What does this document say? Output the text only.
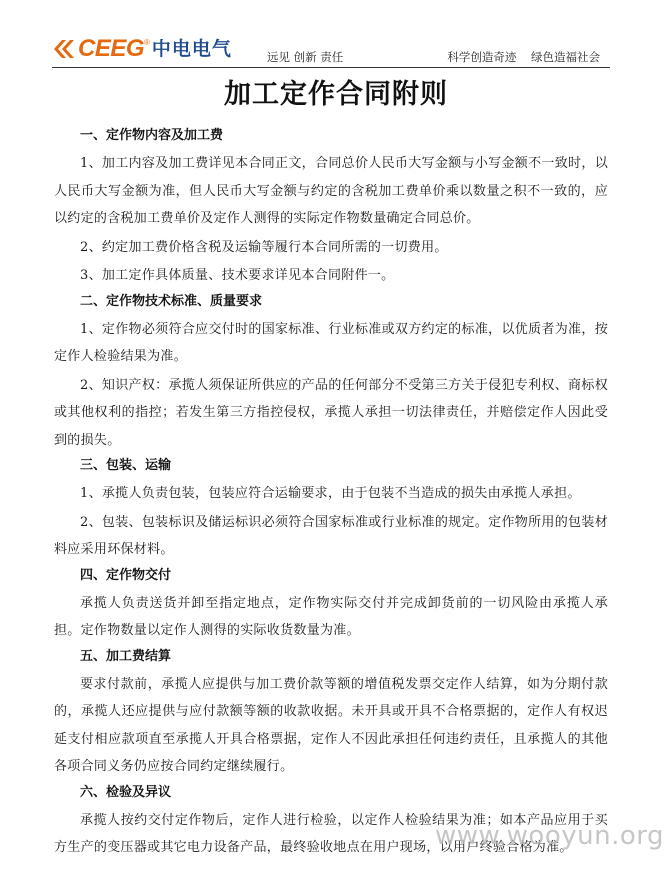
CEEG ® 中电电气	远见 创新 责任	科学创造奇迹    绿色造福社会
加工定作合同附则
一、定作物内容及加工费

1、加工内容及加工费详见本合同正文，合同总价人民币大写金额与小写金额不一致时，以人民币大写金额为准，但人民币大写金额与约定的含税加工费单价乘以数量之积不一致的，应以约定的含税加工费单价及定作人测得的实际定作物数量确定合同总价。

2、约定加工费价格含税及运输等履行本合同所需的一切费用。

3、加工定作具体质量、技术要求详见本合同附件一。

二、定作物技术标准、质量要求

1、定作物必须符合应交付时的国家标准、行业标准或双方约定的标准，以优质者为准，按定作人检验结果为准。

2、知识产权：承揽人须保证所供应的产品的任何部分不受第三方关于侵犯专利权、商标权或其他权利的指控；若发生第三方指控侵权，承揽人承担一切法律责任，并赔偿定作人因此受到的损失。

三、包装、运输

1、承揽人负责包装，包装应符合运输要求，由于包装不当造成的损失由承揽人承担。

2、包装、包装标识及储运标识必须符合国家标准或行业标准的规定。定作物所用的包装材料应采用环保材料。

四、定作物交付

承揽人负责送货并卸至指定地点，定作物实际交付并完成卸货前的一切风险由承揽人承担。定作物数量以定作人测得的实际收货数量为准。

五、加工费结算

要求付款前，承揽人应提供与加工费价款等额的增值税发票交定作人结算，如为分期付款的，承揽人还应提供与应付款额等额的收款收据。未开具或开具不合格票据的，定作人有权迟延支付相应款项直至承揽人开具合格票据，定作人不因此承担任何违约责任，且承揽人的其他各项合同义务仍应按合同约定继续履行。

六、检验及异议

承揽人按约交付定作物后，定作人进行检验，以定作人检验结果为准；如本产品应用于买方生产的变压器或其它电力设备产品，最终验收地点在用户现场，以用户终验合格为准。

www.wooyun.org
